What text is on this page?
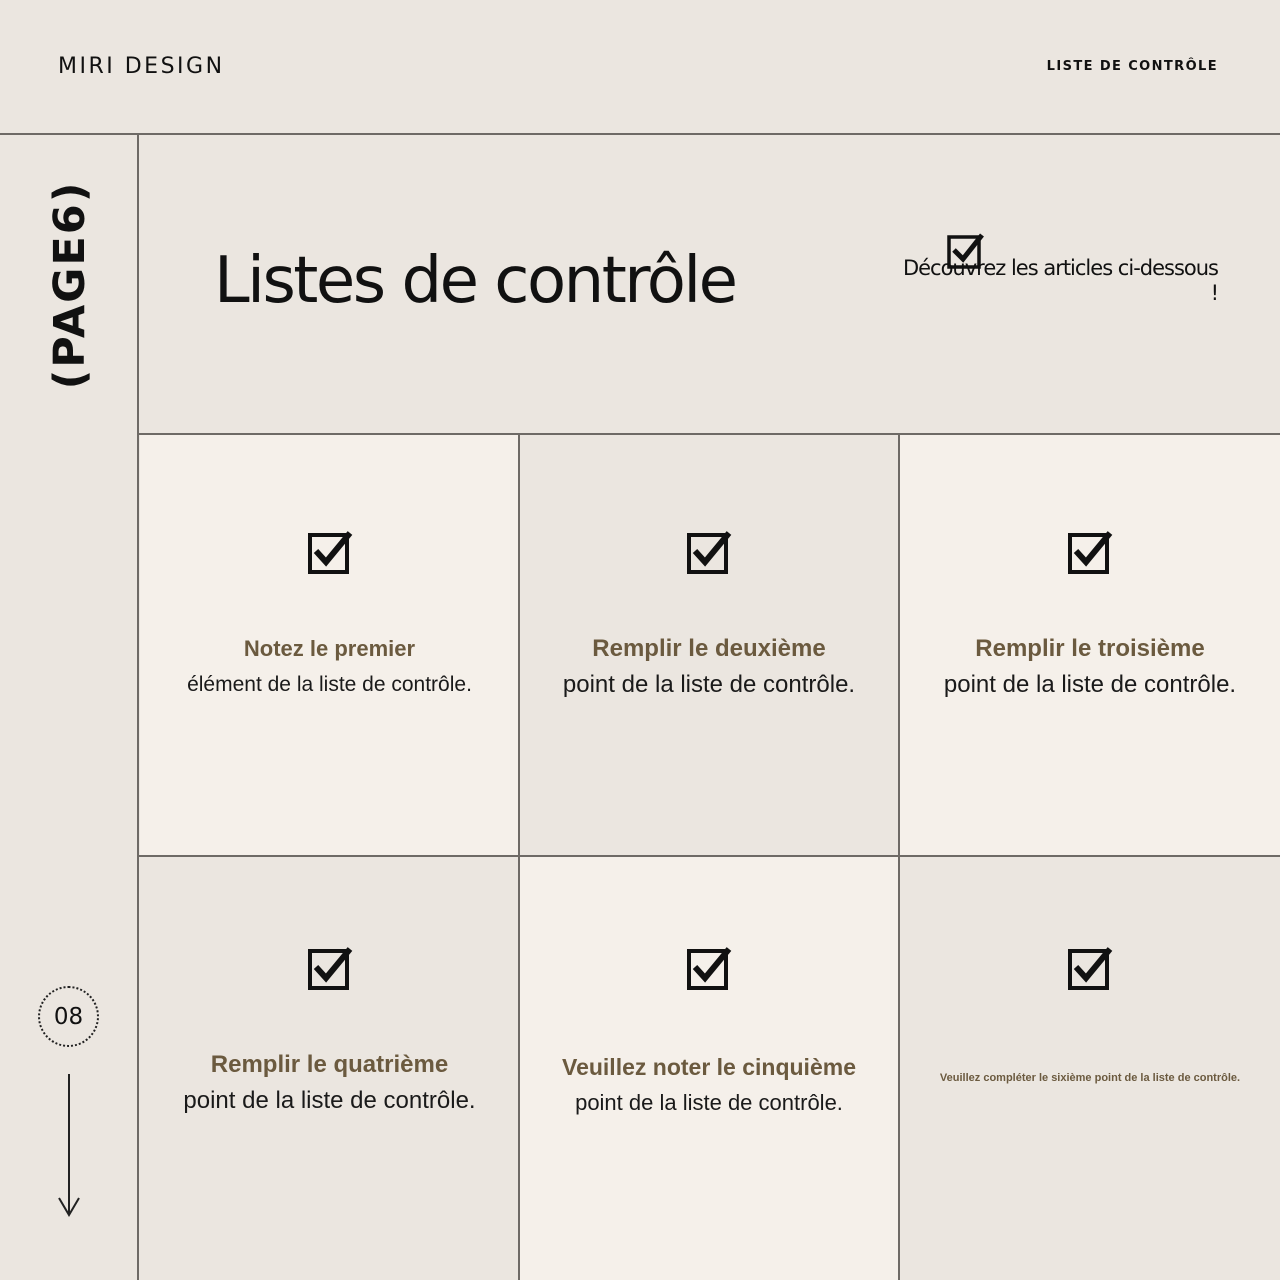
MIRI DESIGN	LISTE DE CONTRÔLE
Notez le premier
élément de la liste de contrôle.
Remplir le deuxième
point de la liste de contrôle.
Remplir le troisième
point de la liste de contrôle.
Remplir le quatrième
point de la liste de contrôle.
Veuillez noter le cinquième
point de la liste de contrôle.
Veuillez compléter le sixième point de la liste de contrôle.
(PAGE6)
08
Listes de contrôle	Découvrez les articles ci-dessous
!
